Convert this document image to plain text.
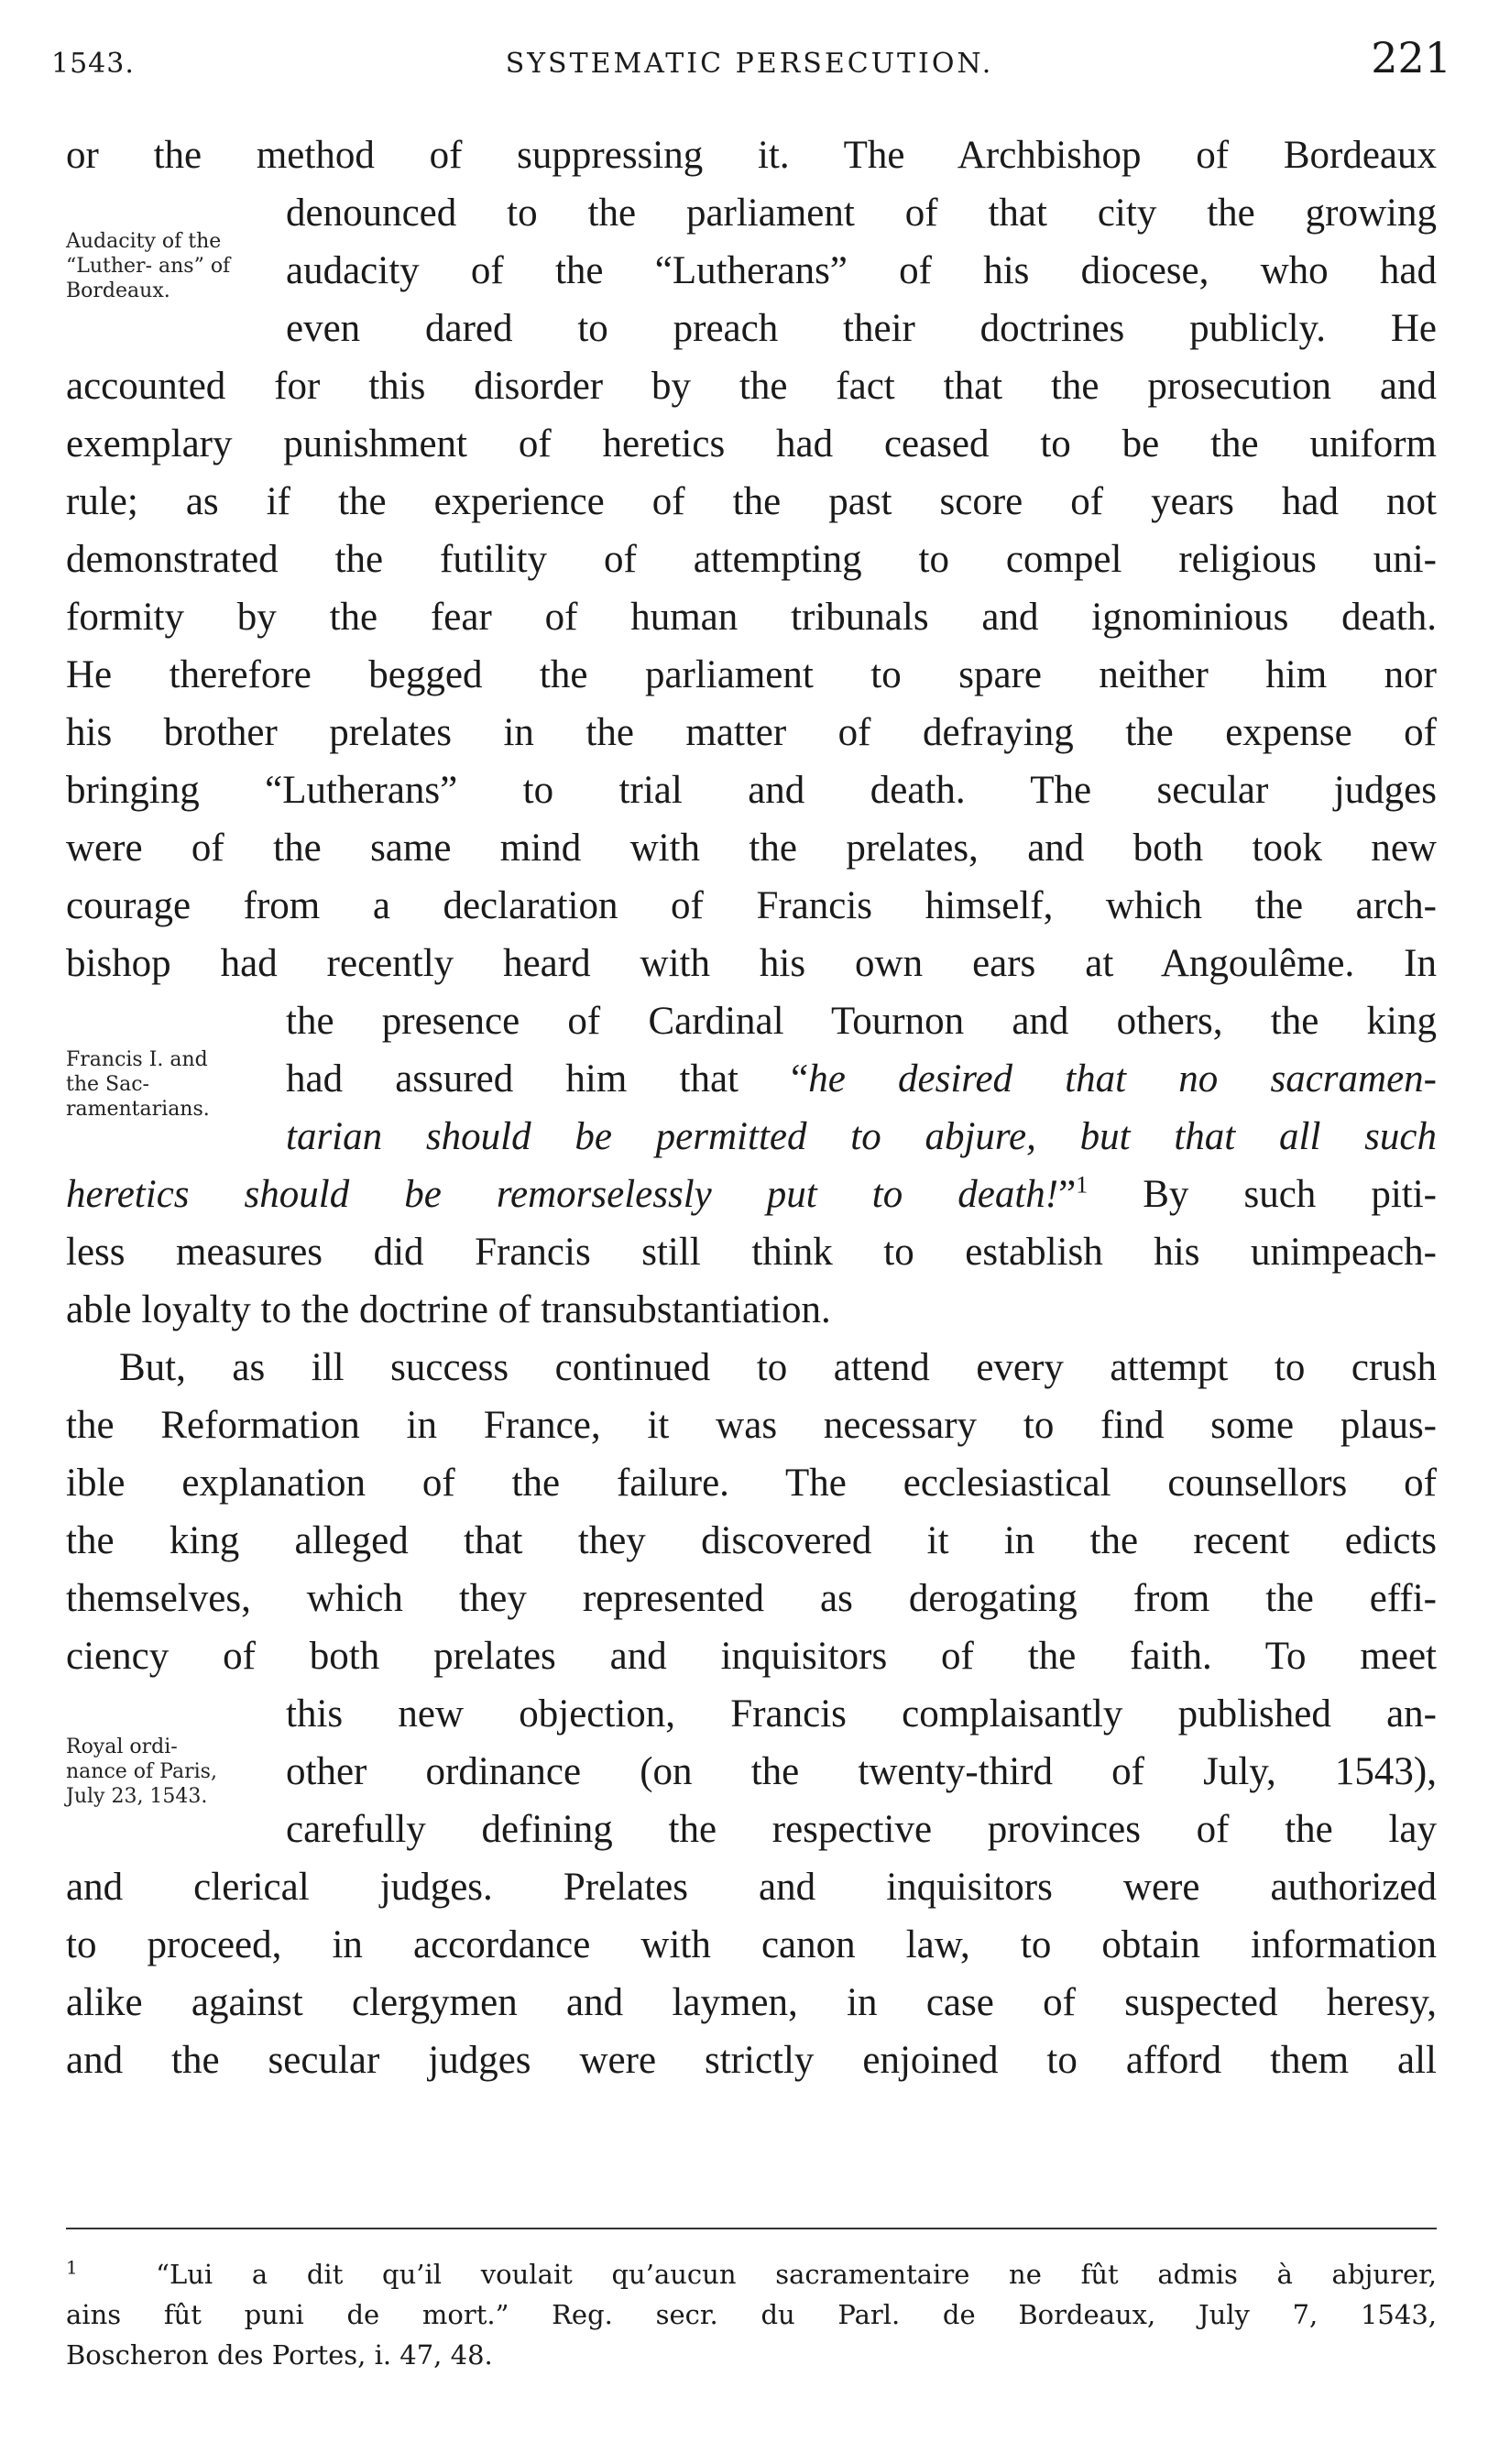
1543.	SYSTEMATIC PERSECUTION.	221
Audacity of the “Luther- ans” of Bordeaux.
Francis I. and the Sac- ramentarians.
Royal ordi- nance of Paris, July 23, 1543.
or the method of suppressing it. The Archbishop of Bordeaux
denounced to the parliament of that city the growing
audacity of the “Lutherans” of his diocese, who had
even dared to preach their doctrines publicly. He
accounted for this disorder by the fact that the prosecution and
exemplary punishment of heretics had ceased to be the uniform
rule; as if the experience of the past score of years had not
demonstrated the futility of attempting to compel religious uni-
formity by the fear of human tribunals and ignominious death.
He therefore begged the parliament to spare neither him nor
his brother prelates in the matter of defraying the expense of
bringing “Lutherans” to trial and death. The secular judges
were of the same mind with the prelates, and both took new
courage from a declaration of Francis himself, which the arch-
bishop had recently heard with his own ears at Angoulême. In
the presence of Cardinal Tournon and others, the king
had assured him that “he desired that no sacramen-
tarian should be permitted to abjure, but that all such
heretics should be remorselessly put to death!”$^1$ By such piti-
less measures did Francis still think to establish his unimpeach-
able loyalty to the doctrine of transubstantiation.
But, as ill success continued to attend every attempt to crush
the Reformation in France, it was necessary to find some plaus-
ible explanation of the failure. The ecclesiastical counsellors of
the king alleged that they discovered it in the recent edicts
themselves, which they represented as derogating from the effi-
ciency of both prelates and inquisitors of the faith. To meet
this new objection, Francis complaisantly published an-
other ordinance (on the twenty-third of July, 1543),
carefully defining the respective provinces of the lay
and clerical judges. Prelates and inquisitors were authorized
to proceed, in accordance with canon law, to obtain information
alike against clergymen and laymen, in case of suspected heresy,
and the secular judges were strictly enjoined to afford them all
$^1$	“Lui a dit qu’il voulait qu’aucun sacramentaire ne fût admis à abjurer,
ains fût puni de mort.” Reg. secr. du Parl. de Bordeaux, July 7, 1543,
Boscheron des Portes, i. 47, 48.
